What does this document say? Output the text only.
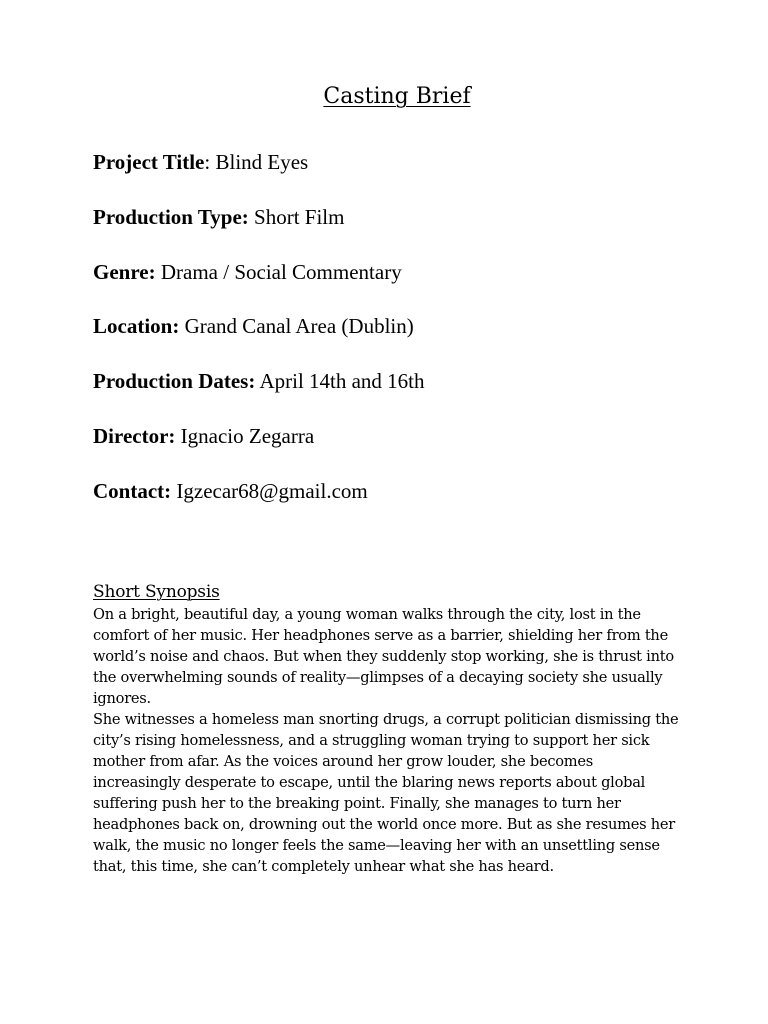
Casting Brief
Project Title: Blind Eyes
Production Type: Short Film
Genre: Drama / Social Commentary
Location: Grand Canal Area (Dublin)
Production Dates: April 14th and 16th
Director: Ignacio Zegarra
Contact: Igzecar68@gmail.com
Short Synopsis

On a bright, beautiful day, a young woman walks through the city, lost in the comfort of her music. Her headphones serve as a barrier, shielding her from the world’s noise and chaos. But when they suddenly stop working, she is thrust into the overwhelming sounds of reality—glimpses of a decaying society she usually ignores.

She witnesses a homeless man snorting drugs, a corrupt politician dismissing the city’s rising homelessness, and a struggling woman trying to support her sick mother from afar. As the voices around her grow louder, she becomes increasingly desperate to escape, until the blaring news reports about global suffering push her to the breaking point. Finally, she manages to turn her headphones back on, drowning out the world once more. But as she resumes her walk, the music no longer feels the same—leaving her with an unsettling sense that, this time, she can’t completely unhear what she has heard.
